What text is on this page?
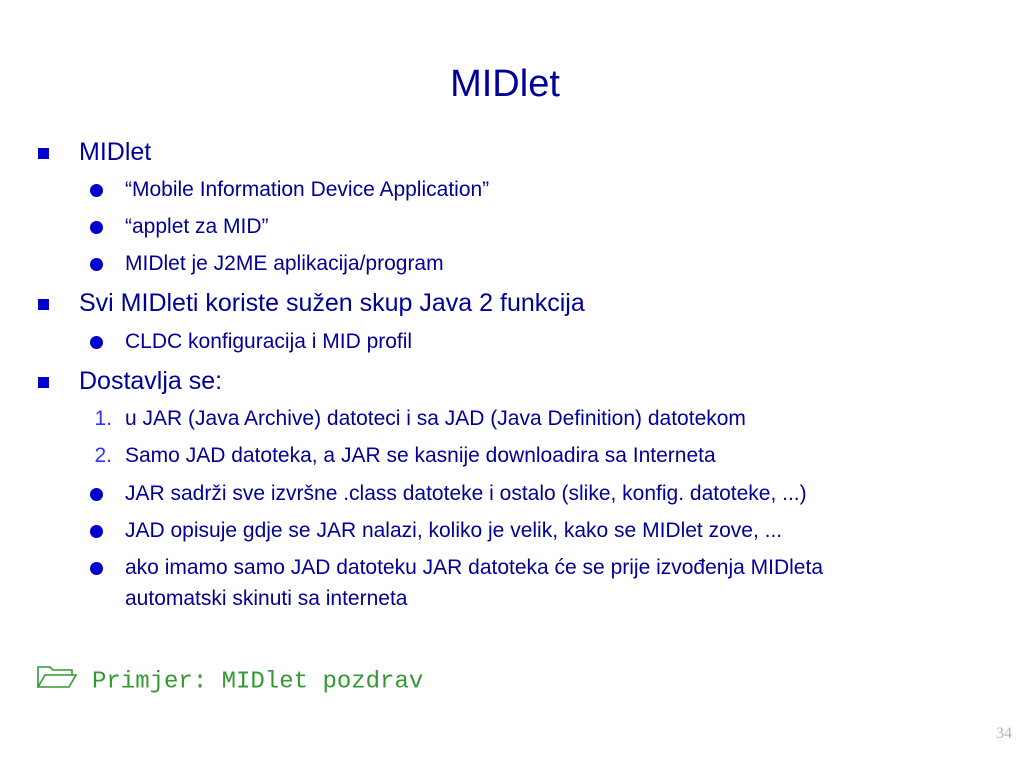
MIDlet
MIDlet
“Mobile Information Device Application”
“applet za MID”
MIDlet je J2ME aplikacija/program
Svi MIDleti koriste sužen skup Java 2 funkcija
CLDC konfiguracija i MID profil
Dostavlja se:
1. u JAR (Java Archive) datoteci i sa JAD (Java Definition) datotekom
2. Samo JAD datoteka, a JAR se kasnije downloadira sa Interneta
JAR sadrži sve izvršne .class datoteke i ostalo (slike, konfig. datoteke, ...)
JAD opisuje gdje se JAR nalazi, koliko je velik, kako se MIDlet zove, ...
ako imamo samo JAD datoteku JAR datoteka će se prije izvođenja MIDleta
automatski skinuti sa interneta
Primjer: MIDlet pozdrav
34
